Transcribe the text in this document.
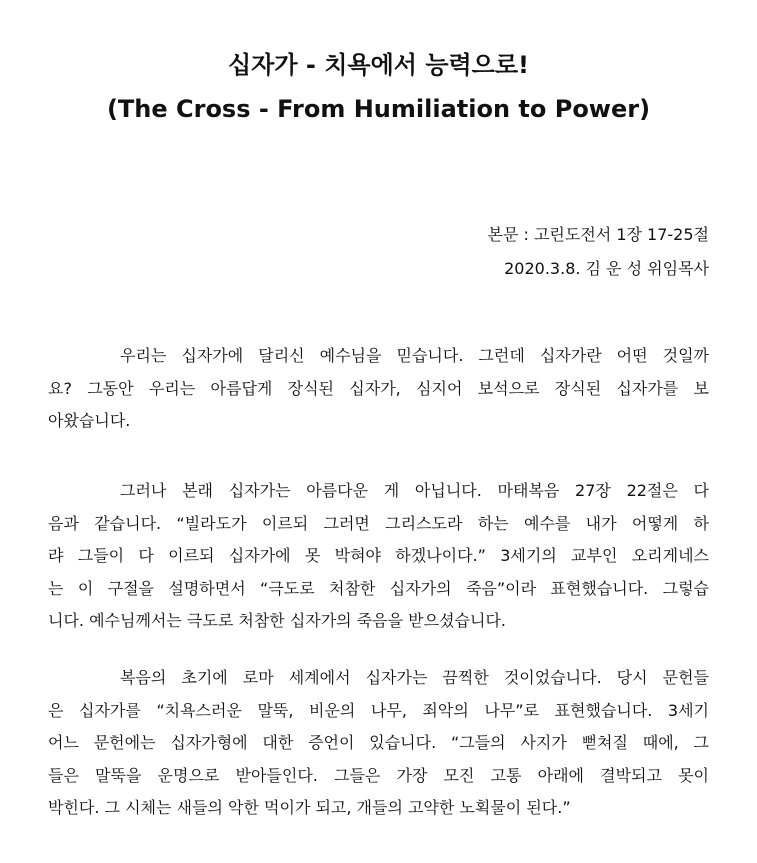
십자가 - 치욕에서 능력으로!
(The Cross - From Humiliation to Power)
본문 : 고린도전서 1장 17-25절
2020.3.8. 김 운 성 위임목사
우리는 십자가에 달리신 예수님을 믿습니다. 그런데 십자가란 어떤 것일까
요? 그동안 우리는 아름답게 장식된 십자가, 심지어 보석으로 장식된 십자가를 보
아왔습니다.
그러나 본래 십자가는 아름다운 게 아닙니다. 마태복음 27장 22절은 다
음과 같습니다. “빌라도가 이르되 그러면 그리스도라 하는 예수를 내가 어떻게 하
랴 그들이 다 이르되 십자가에 못 박혀야 하겠나이다.” 3세기의 교부인 오리게네스
는 이 구절을 설명하면서 “극도로 처참한 십자가의 죽음”이라 표현했습니다. 그렇습
니다. 예수님께서는 극도로 처참한 십자가의 죽음을 받으셨습니다.
복음의 초기에 로마 세계에서 십자가는 끔찍한 것이었습니다. 당시 문헌들
은 십자가를 “치욕스러운 말뚝, 비운의 나무, 죄악의 나무”로 표현했습니다. 3세기
어느 문헌에는 십자가형에 대한 증언이 있습니다. “그들의 사지가 뻗쳐질 때에, 그
들은 말뚝을 운명으로 받아들인다. 그들은 가장 모진 고통 아래에 결박되고 못이
박힌다. 그 시체는 새들의 악한 먹이가 되고, 개들의 고약한 노획물이 된다.”
